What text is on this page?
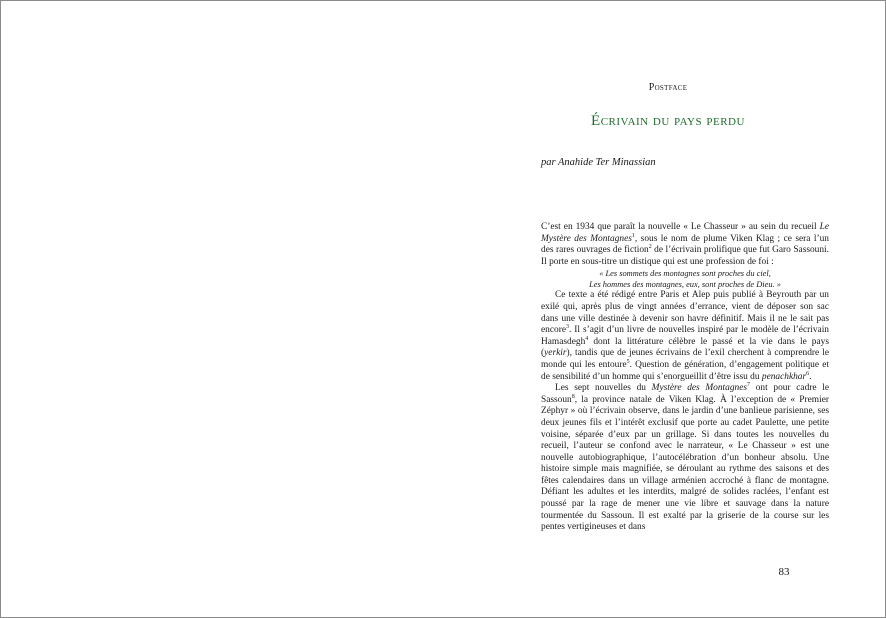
Postface
Écrivain du pays perdu
par Anahide Ter Minassian

C’est en 1934 que paraît la nouvelle « Le Chasseur » au sein du recueil Le Mystère des Montagnes$^1$, sous le nom de plume Viken Klag ; ce sera l’un des rares ouvrages de fiction$^2$ de l’écrivain prolifique que fut Garo Sassouni. Il porte en sous-titre un distique qui est une profession de foi :

« Les sommets des montagnes sont proches du ciel,
Les hommes des montagnes, eux, sont proches de Dieu. »

Ce texte a été rédigé entre Paris et Alep puis publié à Beyrouth par un exilé qui, après plus de vingt années d’errance, vient de déposer son sac dans une ville destinée à devenir son havre définitif. Mais il ne le sait pas encore$^3$. Il s’agit d’un livre de nouvelles inspiré par le modèle de l’écrivain Hamasdegh$^4$ dont la littérature célèbre le passé et la vie dans le pays (yerkir), tandis que de jeunes écrivains de l’exil cherchent à comprendre le monde qui les entoure$^5$. Question de génération, d’engagement politique et de sensibilité d’un homme qui s’enorgueillit d’être issu du penachkhar$^6$.

Les sept nouvelles du Mystère des Montagnes$^7$ ont pour cadre le Sassoun$^8$, la province natale de Viken Klag. À l’exception de « Premier Zéphyr » où l’écrivain observe, dans le jardin d’une banlieue parisienne, ses deux jeunes fils et l’intérêt exclusif que porte au cadet Paulette, une petite voisine, séparée d’eux par un grillage. Si dans toutes les nouvelles du recueil, l’auteur se confond avec le narrateur, « Le Chasseur » est une nouvelle autobiographique, l’autocélébration d’un bonheur absolu. Une histoire simple mais magnifiée, se déroulant au rythme des saisons et des fêtes calendaires dans un village arménien accroché à flanc de montagne. Défiant les adultes et les interdits, malgré de solides raclées, l’enfant est poussé par la rage de mener une vie libre et sauvage dans la nature tourmentée du Sassoun. Il est exalté par la griserie de la course sur les pentes vertigineuses et dans

83
